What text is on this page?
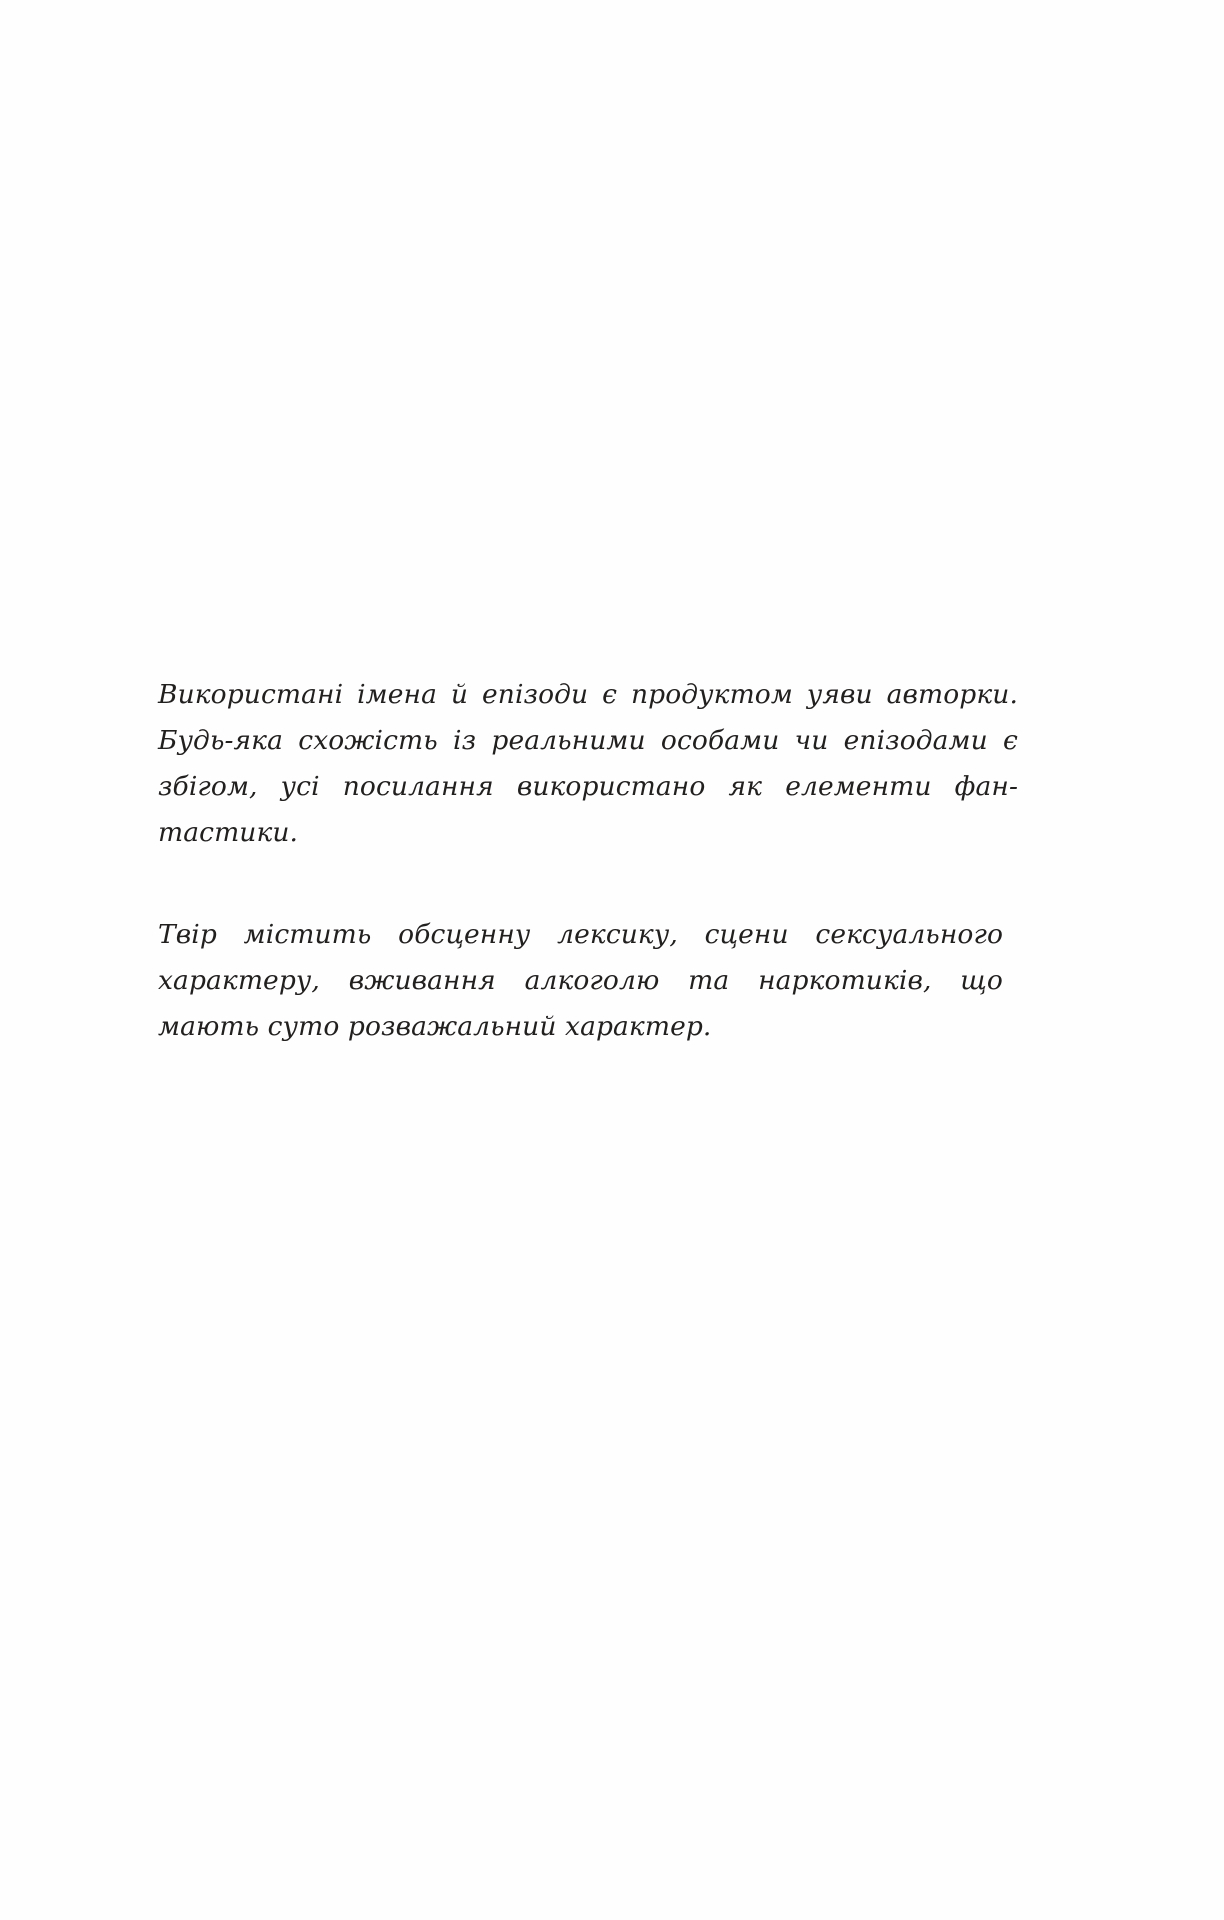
Використані імена й епізоди є продуктом уяви авторки. Будь-яка схожість із реальними особами чи епізодами є збігом, усі посилання використано як елементи фан-тастики.

Твір містить обсценну лексику, сцени сексуального характеру, вживання алкоголю та наркотиків, що мають суто розважальний характер.
